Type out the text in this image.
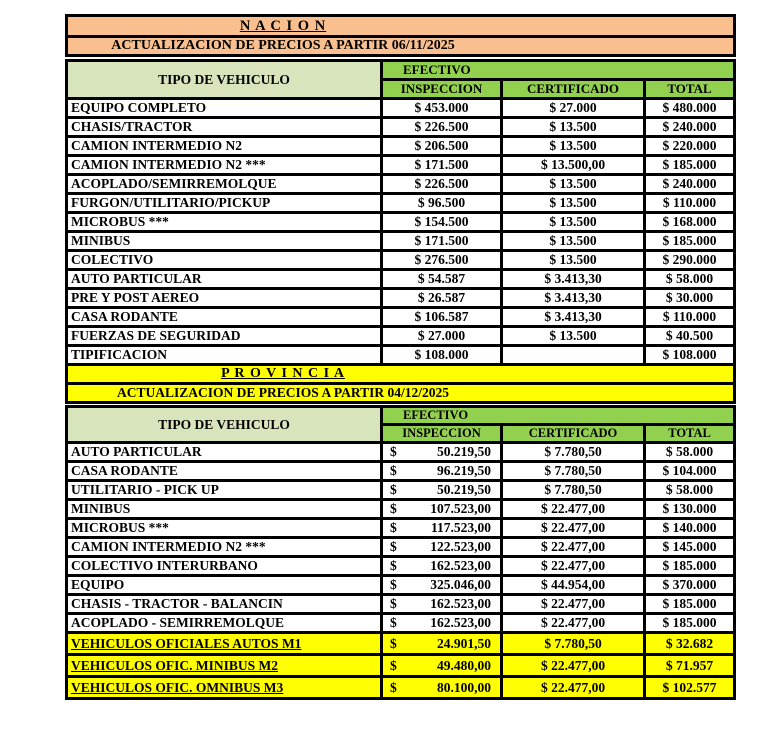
N A C I O N			
ACTUALIZACION DE PRECIOS A PARTIR 06/11/2025			

TIPO DE VEHICULO	EFECTIVO		
	INSPECCION	CERTIFICADO	TOTAL
EQUIPO COMPLETO	$ 453.000	$ 27.000	$ 480.000
CHASIS/TRACTOR	$ 226.500	$ 13.500	$ 240.000
CAMION INTERMEDIO N2	$ 206.500	$ 13.500	$ 220.000
CAMION INTERMEDIO N2 ***	$ 171.500	$ 13.500,00	$ 185.000
ACOPLADO/SEMIRREMOLQUE	$ 226.500	$ 13.500	$ 240.000
FURGON/UTILITARIO/PICKUP	$ 96.500	$ 13.500	$ 110.000
MICROBUS ***	$ 154.500	$ 13.500	$ 168.000
MINIBUS	$ 171.500	$ 13.500	$ 185.000
COLECTIVO	$ 276.500	$ 13.500	$ 290.000
AUTO PARTICULAR	$ 54.587	$ 3.413,30	$ 58.000
PRE Y POST AEREO	$ 26.587	$ 3.413,30	$ 30.000
CASA RODANTE	$ 106.587	$ 3.413,30	$ 110.000
FUERZAS DE SEGURIDAD	$ 27.000	$ 13.500	$ 40.500
TIPIFICACION	$ 108.000		$ 108.000
P R O V I N C I A			
ACTUALIZACION DE PRECIOS A PARTIR 04/12/2025			

TIPO DE VEHICULO	EFECTIVO		
	INSPECCION	CERTIFICADO	TOTAL
AUTO PARTICULAR	$ 50.219,50	$ 7.780,50	$ 58.000
CASA RODANTE	$ 96.219,50	$ 7.780,50	$ 104.000
UTILITARIO - PICK UP	$ 50.219,50	$ 7.780,50	$ 58.000
MINIBUS	$ 107.523,00	$ 22.477,00	$ 130.000
MICROBUS ***	$ 117.523,00	$ 22.477,00	$ 140.000
CAMION INTERMEDIO N2 ***	$ 122.523,00	$ 22.477,00	$ 145.000
COLECTIVO INTERURBANO	$ 162.523,00	$ 22.477,00	$ 185.000
EQUIPO	$ 325.046,00	$ 44.954,00	$ 370.000
CHASIS - TRACTOR - BALANCIN	$ 162.523,00	$ 22.477,00	$ 185.000
ACOPLADO - SEMIRREMOLQUE	$ 162.523,00	$ 22.477,00	$ 185.000
VEHICULOS OFICIALES AUTOS M1	$ 24.901,50	$ 7.780,50	$ 32.682
VEHICULOS OFIC. MINIBUS M2	$ 49.480,00	$ 22.477,00	$ 71.957
VEHICULOS OFIC. OMNIBUS M3	$ 80.100,00	$ 22.477,00	$ 102.577
